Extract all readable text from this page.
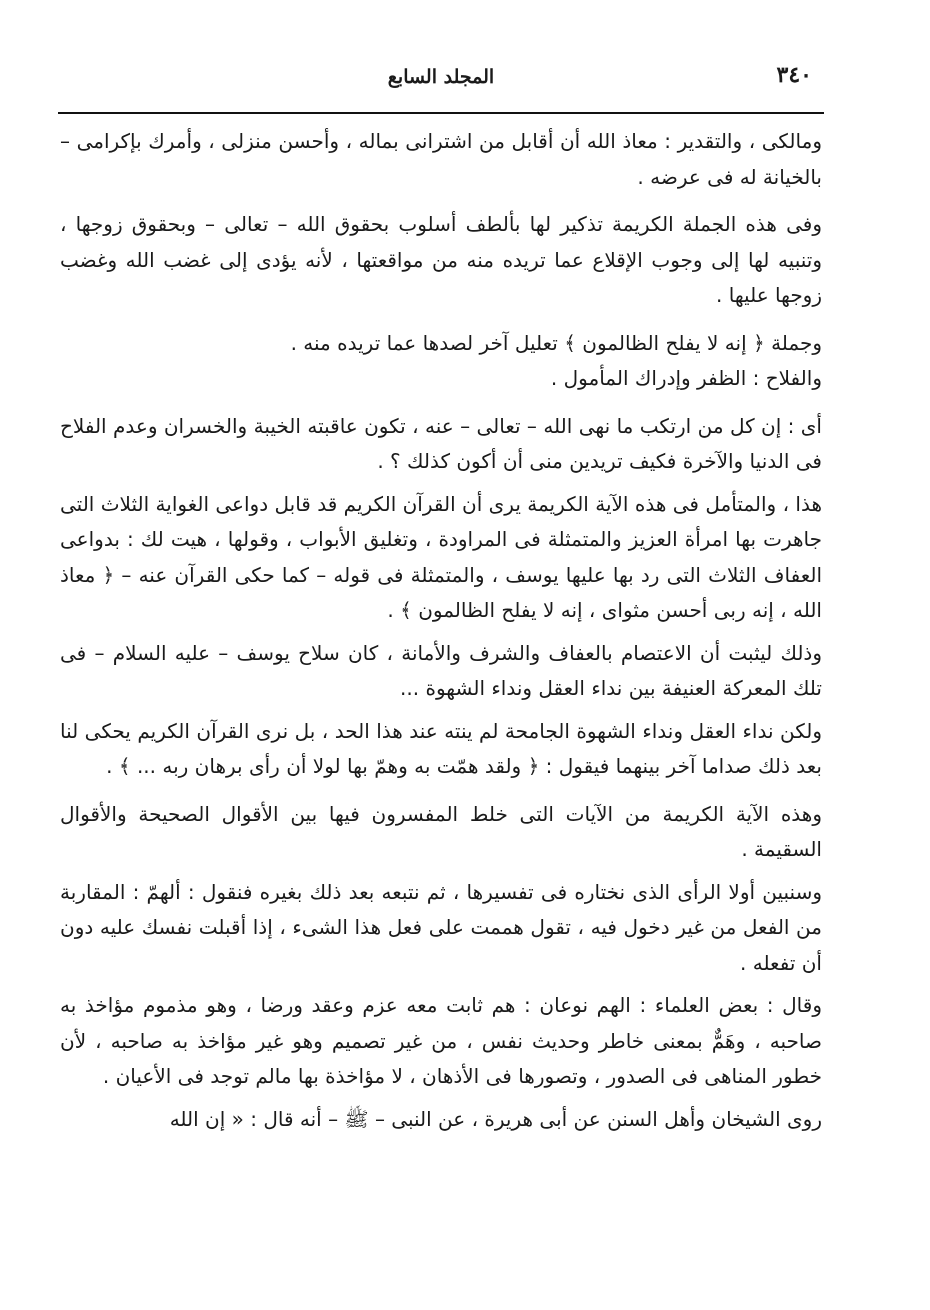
٣٤٠
المجلد السابع

ومالكى ، والتقدير : معاذ الله أن أقابل من اشترانى بماله ، وأحسن منزلى ، وأمرك بإكرامى – بالخيانة له فى عرضه .

وفى هذه الجملة الكريمة تذكير لها بألطف أسلوب بحقوق الله – تعالى – وبحقوق زوجها ، وتنبيه لها إلى وجوب الإقلاع عما تريده منه من مواقعتها ، لأنه يؤدى إلى غضب الله وغضب زوجها عليها .

وجملة ﴿ إنه لا يفلح الظالمون ﴾ تعليل آخر لصدها عما تريده منه .

والفلاح : الظفر وإدراك المأمول .

أى : إن كل من ارتكب ما نهى الله – تعالى – عنه ، تكون عاقبته الخيبة والخسران وعدم الفلاح فى الدنيا والآخرة فكيف تريدين منى أن أكون كذلك ؟ .

هذا ، والمتأمل فى هذه الآية الكريمة يرى أن القرآن الكريم قد قابل دواعى الغواية الثلاث التى جاهرت بها امرأة العزيز والمتمثلة فى المراودة ، وتغليق الأبواب ، وقولها ، هيت لك : بدواعى العفاف الثلاث التى رد بها عليها يوسف ، والمتمثلة فى قوله – كما حكى القرآن عنه – ﴿ معاذ الله ، إنه ربى أحسن مثواى ، إنه لا يفلح الظالمون ﴾ .

وذلك ليثبت أن الاعتصام بالعفاف والشرف والأمانة ، كان سلاح يوسف – عليه السلام – فى تلك المعركة العنيفة بين نداء العقل ونداء الشهوة ...

ولكن نداء العقل ونداء الشهوة الجامحة لم ينته عند هذا الحد ، بل نرى القرآن الكريم يحكى لنا بعد ذلك صداما آخر بينهما فيقول : ﴿ ولقد همّت به وهمّ بها لولا أن رأى برهان ربه ... ﴾ .

وهذه الآية الكريمة من الآيات التى خلط المفسرون فيها بين الأقوال الصحيحة والأقوال السقيمة .

وسنبين أولا الرأى الذى نختاره فى تفسيرها ، ثم نتبعه بعد ذلك بغيره فنقول : ألهمّ : المقاربة من الفعل من غير دخول فيه ، تقول هممت على فعل هذا الشىء ، إذا أقبلت نفسك عليه دون أن تفعله .

وقال : بعض العلماء : الهم نوعان : هم ثابت معه عزم وعقد ورضا ، وهو مذموم مؤاخذ به صاحبه ، وهَمٌّ بمعنى خاطر وحديث نفس ، من غير تصميم وهو غير مؤاخذ به صاحبه ، لأن خطور المناهى فى الصدور ، وتصورها فى الأذهان ، لا مؤاخذة بها مالم توجد فى الأعيان .

روى الشيخان وأهل السنن عن أبى هريرة ، عن النبى – ﷺ – أنه قال : « إن الله
